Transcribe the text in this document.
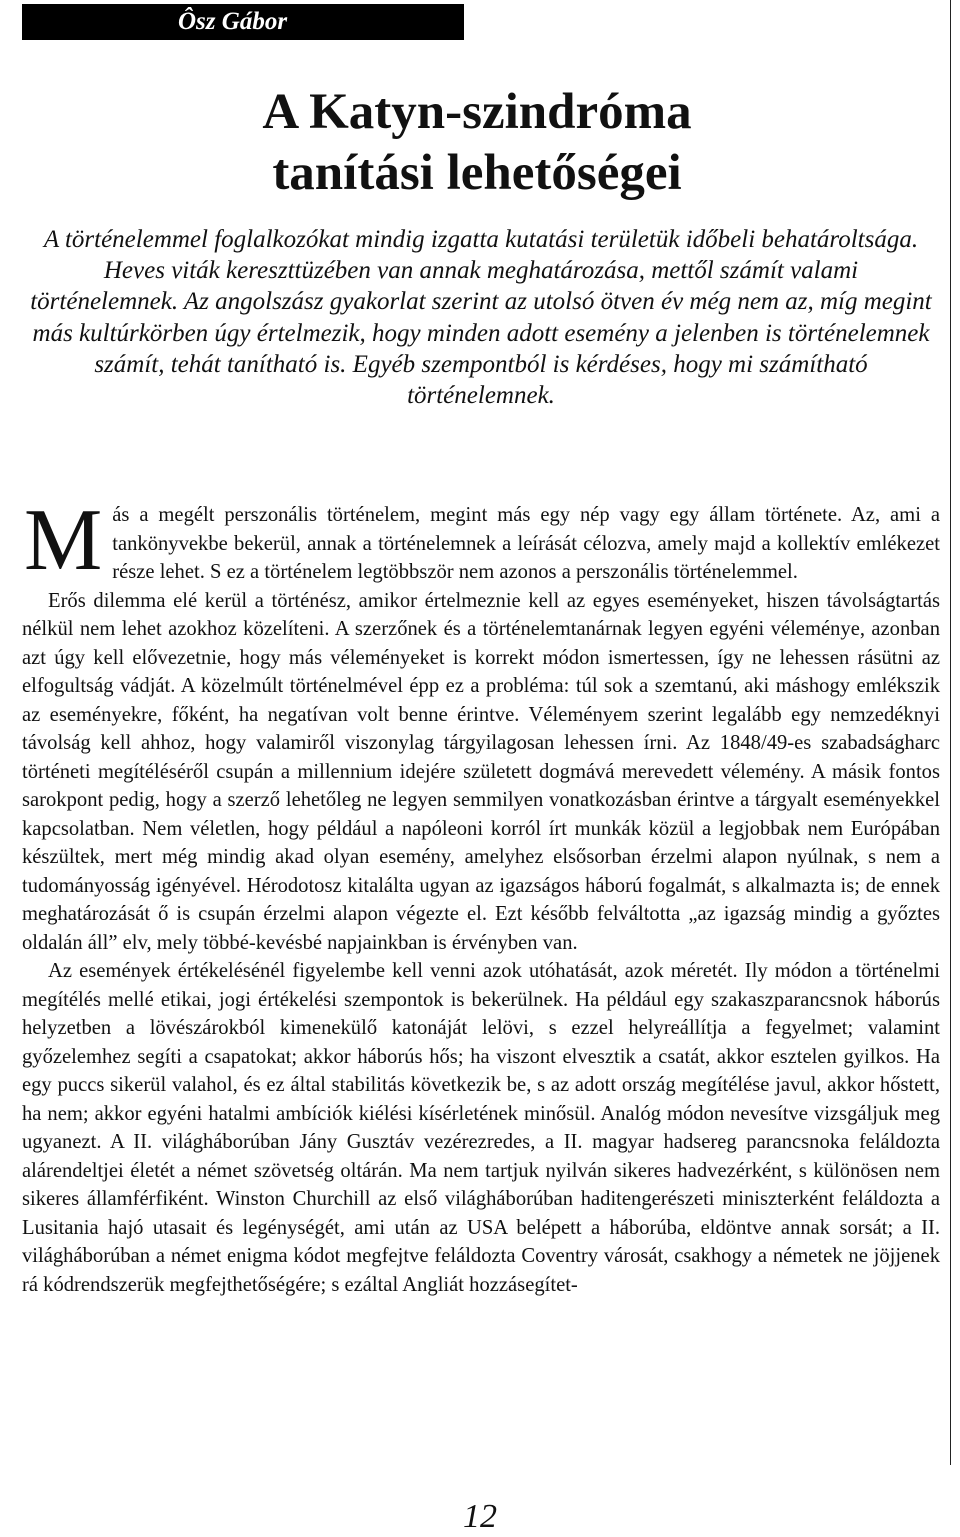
Ôsz Gábor
A Katyn-szindróma
tanítási lehetőségei

A történelemmel foglalkozókat mindig izgatta kutatási területük időbeli behatároltsága. Heves viták kereszttüzében van annak meghatározása, mettől számít valami történelemnek. Az angolszász gyakorlat szerint az utolsó ötven év még nem az, míg megint más kultúrkörben úgy értelmezik, hogy minden adott esemény a jelenben is történelemnek számít, tehát tanítható is. Egyéb szempontból is kérdéses, hogy mi számítható történelemnek.

Más a megélt perszonális történelem, megint más egy nép vagy egy állam története. Az, ami a tankönyvekbe bekerül, annak a történelemnek a leírását célozva, amely majd a kollektív emlékezet része lehet. S ez a történelem legtöbbször nem azonos a perszonális történelemmel.

Erős dilemma elé kerül a történész, amikor értelmeznie kell az egyes eseményeket, hiszen távolságtartás nélkül nem lehet azokhoz közelíteni. A szerzőnek és a történelemtanárnak legyen egyéni véleménye, azonban azt úgy kell elővezetnie, hogy más véleményeket is korrekt módon ismertessen, így ne lehessen rásütni az elfogultság vádját. A közelmúlt történelmével épp ez a probléma: túl sok a szemtanú, aki máshogy emlékszik az eseményekre, főként, ha negatívan volt benne érintve. Véleményem szerint legalább egy nemzedéknyi távolság kell ahhoz, hogy valamiről viszonylag tárgyilagosan lehessen írni. Az 1848/49-es szabadságharc történeti megítéléséről csupán a millennium idejére született dogmává merevedett vélemény. A másik fontos sarokpont pedig, hogy a szerző lehetőleg ne legyen semmilyen vonatkozásban érintve a tárgyalt eseményekkel kapcsolatban. Nem véletlen, hogy például a napóleoni korról írt munkák közül a legjobbak nem Európában készültek, mert még mindig akad olyan esemény, amelyhez elsősorban érzelmi alapon nyúlnak, s nem a tudományosság igényével. Hérodotosz kitalálta ugyan az igazságos háború fogalmát, s alkalmazta is; de ennek meghatározását ő is csupán érzelmi alapon végezte el. Ezt később felváltotta „az igazság mindig a győztes oldalán áll” elv, mely többé-kevésbé napjainkban is érvényben van.

Az események értékelésénél figyelembe kell venni azok utóhatását, azok méretét. Ily módon a történelmi megítélés mellé etikai, jogi értékelési szempontok is bekerülnek. Ha például egy szakaszparancsnok háborús helyzetben a lövészárokból kimenekülő katonáját lelövi, s ezzel helyreállítja a fegyelmet; valamint győzelemhez segíti a csapatokat; akkor háborús hős; ha viszont elvesztik a csatát, akkor esztelen gyilkos. Ha egy puccs sikerül valahol, és ez által stabilitás következik be, s az adott ország megítélése javul, akkor hőstett, ha nem; akkor egyéni hatalmi ambíciók kiélési kísérletének minősül. Analóg módon nevesítve vizsgáljuk meg ugyanezt. A II. világháborúban Jány Gusztáv vezérezredes, a II. magyar hadsereg parancsnoka feláldozta alárendeltjei életét a német szövetség oltárán. Ma nem tartjuk nyilván sikeres hadvezérként, s különösen nem sikeres államférfiként. Winston Churchill az első világháborúban haditengerészeti miniszterként feláldozta a Lusitania hajó utasait és legénységét, ami után az USA belépett a háborúba, eldöntve annak sorsát; a II. világháborúban a német enigma kódot megfejtve feláldozta Coventry városát, csakhogy a németek ne jöjjenek rá kódrendszerük megfejthetőségére; s ezáltal Angliát hozzásegítet-

12
